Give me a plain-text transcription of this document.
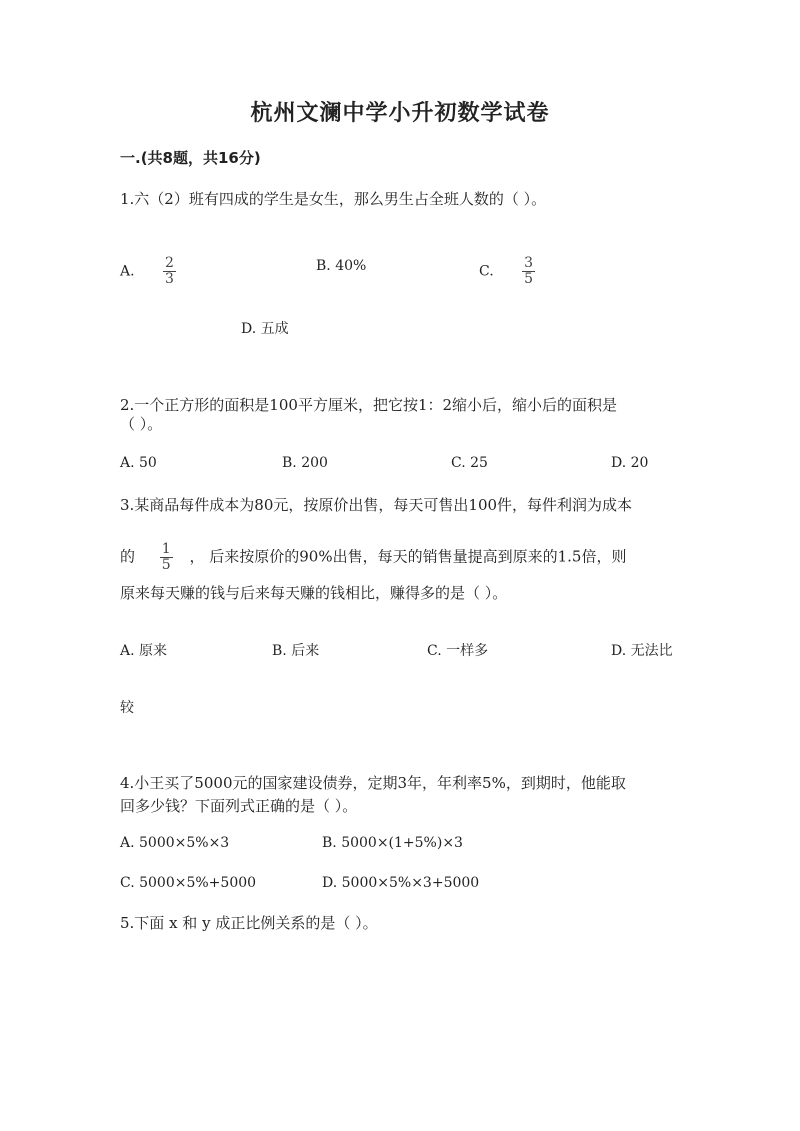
杭州文澜中学小升初数学试卷
一.(共8题，共16分)
1.六（2）班有四成的学生是女生，那么男生占全班人数的（ ）。
A. $\frac{2}{3}$	B. 40%	C. $\frac{3}{5}$
D. 五成
2.一个正方形的面积是100平方厘米，把它按1：2缩小后，缩小后的面积是
（ ）。
A. 50	B. 200	C. 25	D. 20
3.某商品每件成本为80元，按原价出售，每天可售出100件，每件利润为成本
的 $\frac{1}{5}$ ， 后来按原价的90%出售，每天的销售量提高到原来的1.5倍，则
原来每天赚的钱与后来每天赚的钱相比，赚得多的是（ ）。
A. 原来	B. 后来	C. 一样多	D. 无法比
较
4.小王买了5000元的国家建设债券，定期3年，年利率5%，到期时，他能取
回多少钱？下面列式正确的是（ ）。
A. 5000×5%×3	B. 5000×(1+5%)×3
C. 5000×5%+5000	D. 5000×5%×3+5000
5.下面 x 和 y 成正比例关系的是（ ）。
